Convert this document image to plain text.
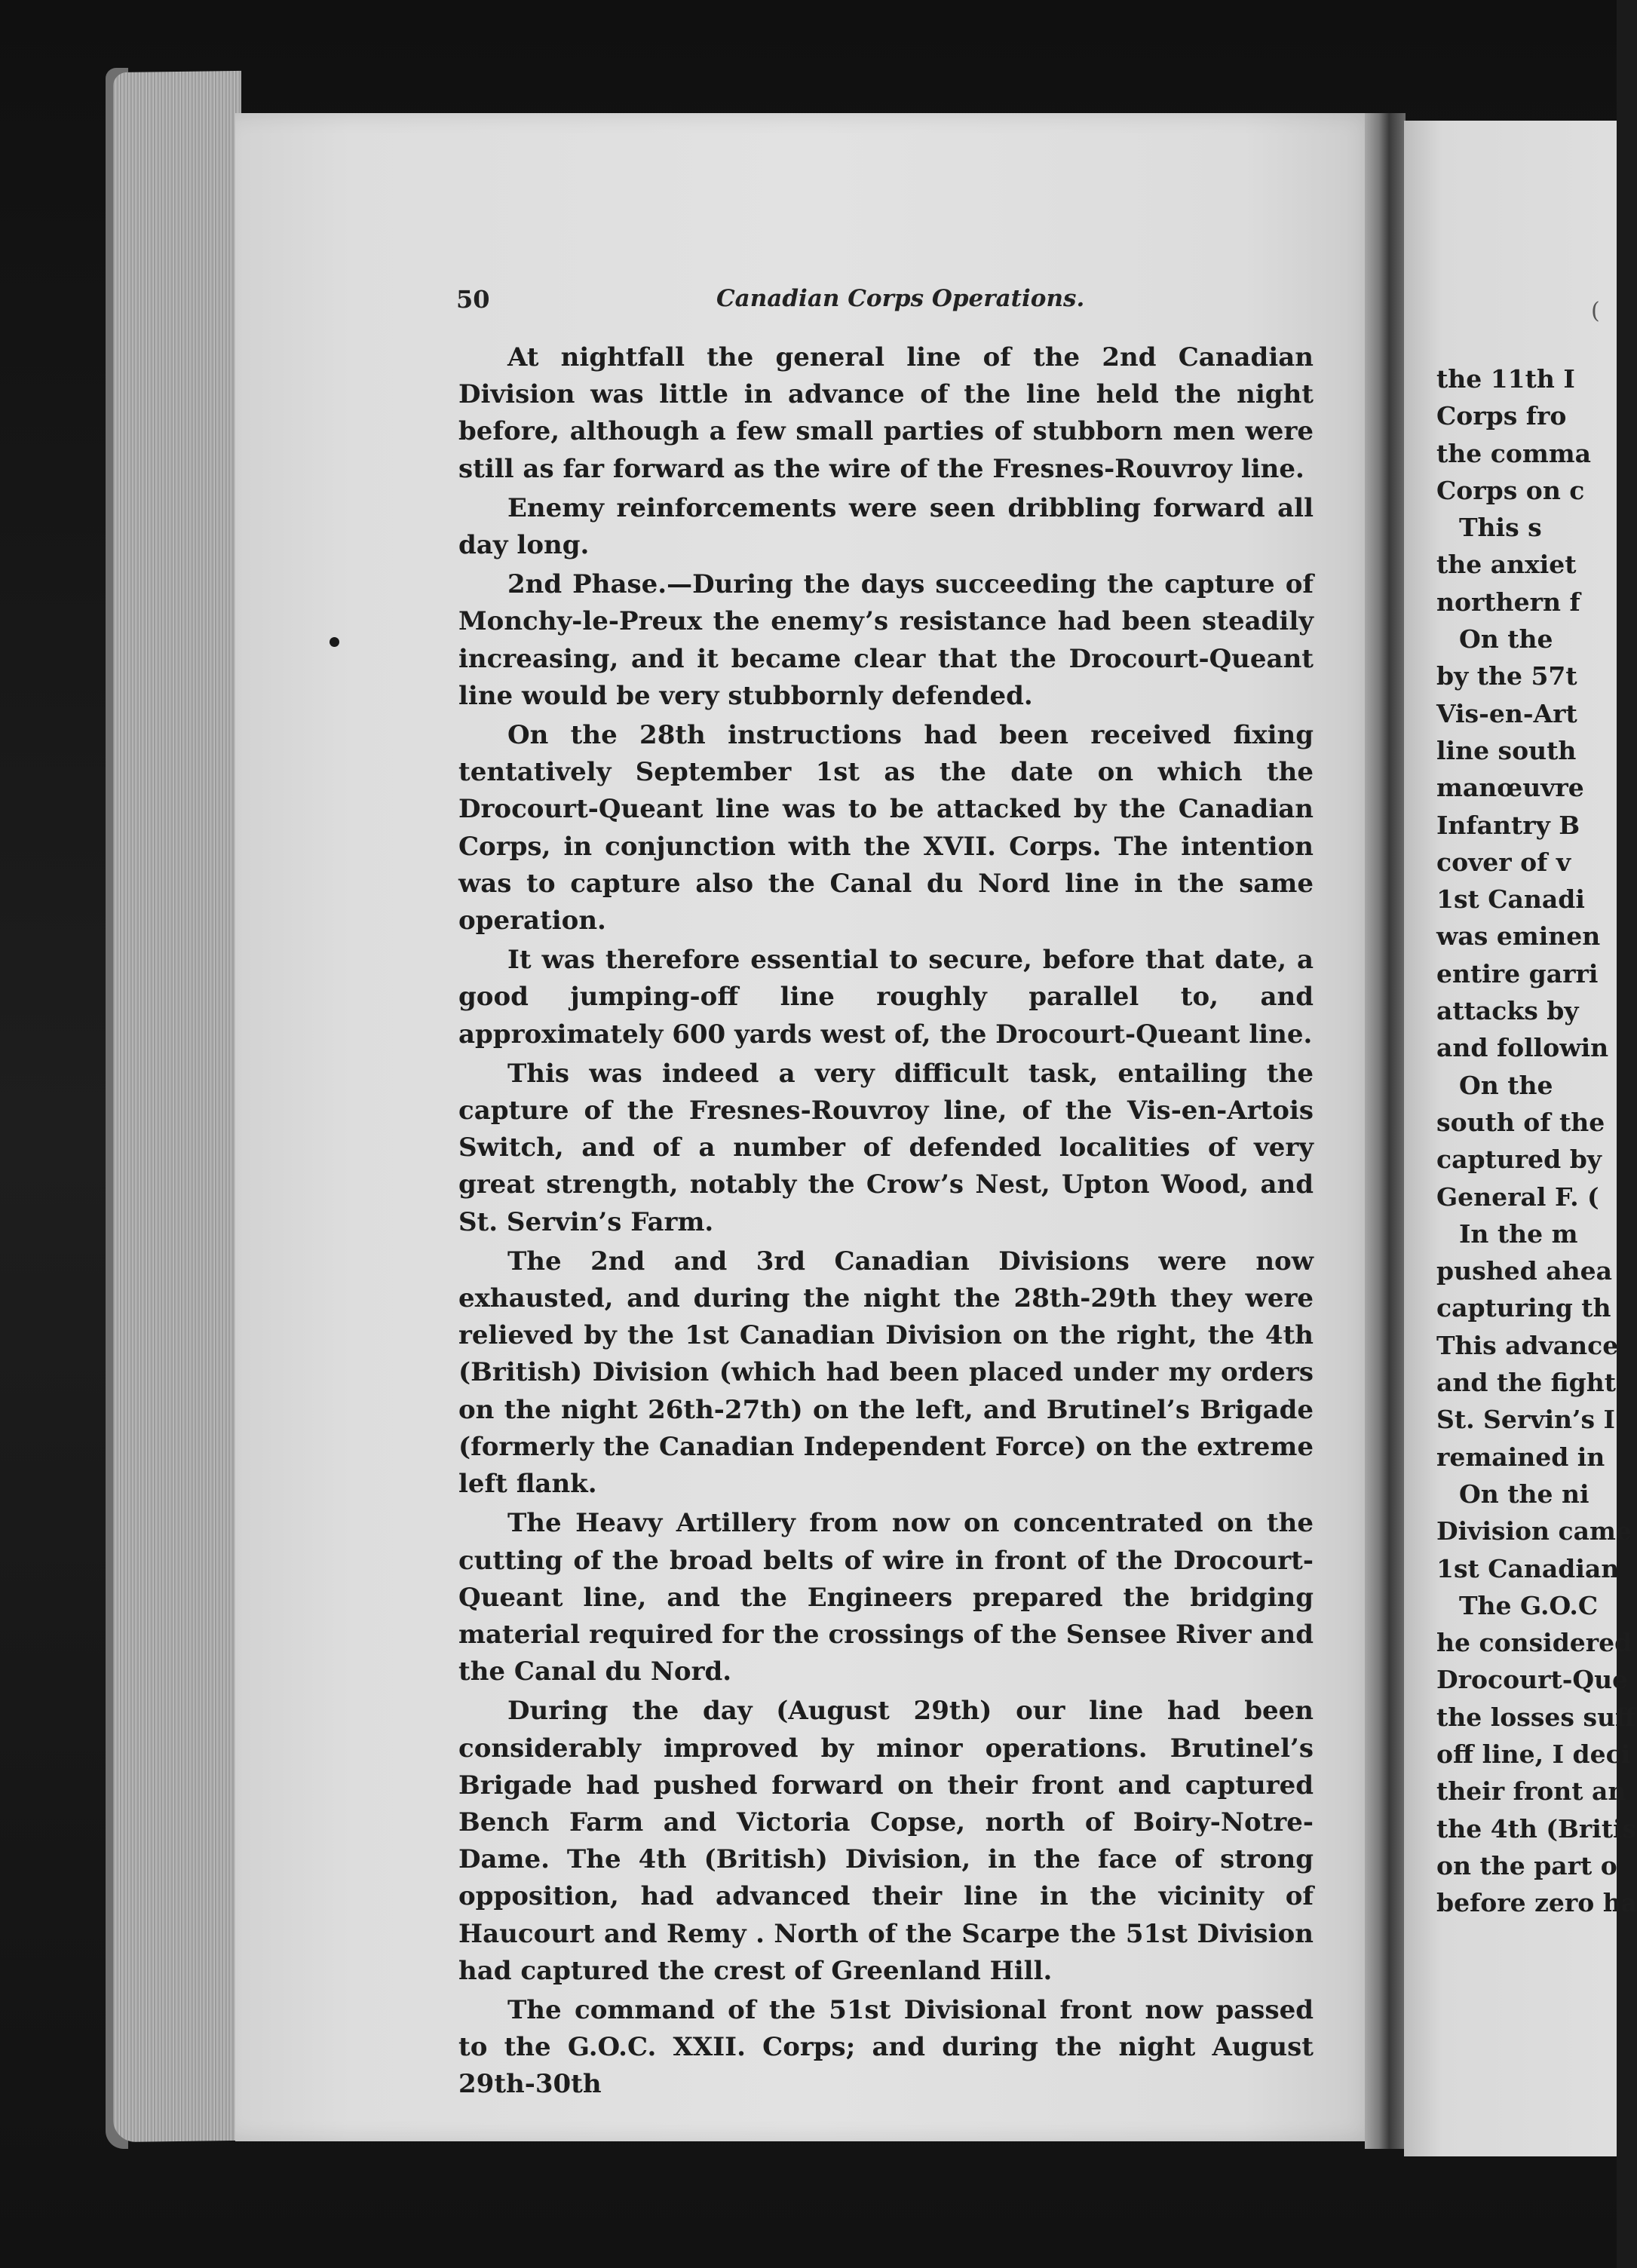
50	Canadian Corps Operations.

At nightfall the general line of the 2nd Canadian Division was little in advance of the line held the night before, although a few small parties of stubborn men were still as far forward as the wire of the Fresnes-Rouvroy line.

Enemy reinforcements were seen dribbling forward all day long.

2nd Phase.—During the days succeeding the capture of Monchy-le-Preux the enemy’s resistance had been steadily increasing, and it became clear that the Drocourt-Queant line would be very stubbornly defended.

On the 28th instructions had been received fixing tentatively September 1st as the date on which the Drocourt-Queant line was to be attacked by the Canadian Corps, in conjunction with the XVII. Corps. The intention was to capture also the Canal du Nord line in the same operation.

It was therefore essential to secure, before that date, a good jumping-off line roughly parallel to, and approximately 600 yards west of, the Drocourt-Queant line.

This was indeed a very difficult task, entailing the capture of the Fresnes-Rouvroy line, of the Vis-en-Artois Switch, and of a number of defended localities of very great strength, notably the Crow’s Nest, Upton Wood, and St. Servin’s Farm.

The 2nd and 3rd Canadian Divisions were now exhausted, and during the night the 28th-29th they were relieved by the 1st Canadian Division on the right, the 4th (British) Division (which had been placed under my orders on the night 26th-27th) on the left, and Brutinel’s Brigade (formerly the Canadian Independent Force) on the extreme left flank.

The Heavy Artillery from now on concentrated on the cutting of the broad belts of wire in front of the Drocourt-Queant line, and the Engineers prepared the bridging material required for the crossings of the Sensee River and the Canal du Nord.

During the day (August 29th) our line had been considerably improved by minor operations. Brutinel’s Brigade had pushed forward on their front and captured Bench Farm and Victoria Copse, north of Boiry-Notre-Dame. The 4th (British) Division, in the face of strong opposition, had advanced their line in the vicinity of Haucourt and Remy . North of the Scarpe the 51st Division had captured the crest of Greenland Hill.

The command of the 51st Divisional front now passed to the G.O.C. XXII. Corps; and during the night August 29th-30th

(
the 11th I
Corps fro
the comma
Corps on c
This s
the anxiet
northern f
On the
by the 57t
Vis-en-Art
line south
manœuvre
Infantry B
cover of v
1st Canadi
was eminen
entire garri
attacks by
and followin
On the
south of the
captured by
General F. (
In the m
pushed ahea
capturing th
This advance
and the fight
St. Servin’s I
remained in
On the ni
Division came
1st Canadian
The G.O.C
he considered
Drocourt-Que
the losses suff
off line, I deci
their front an
the 4th (Britis
on the part o
before zero ha
